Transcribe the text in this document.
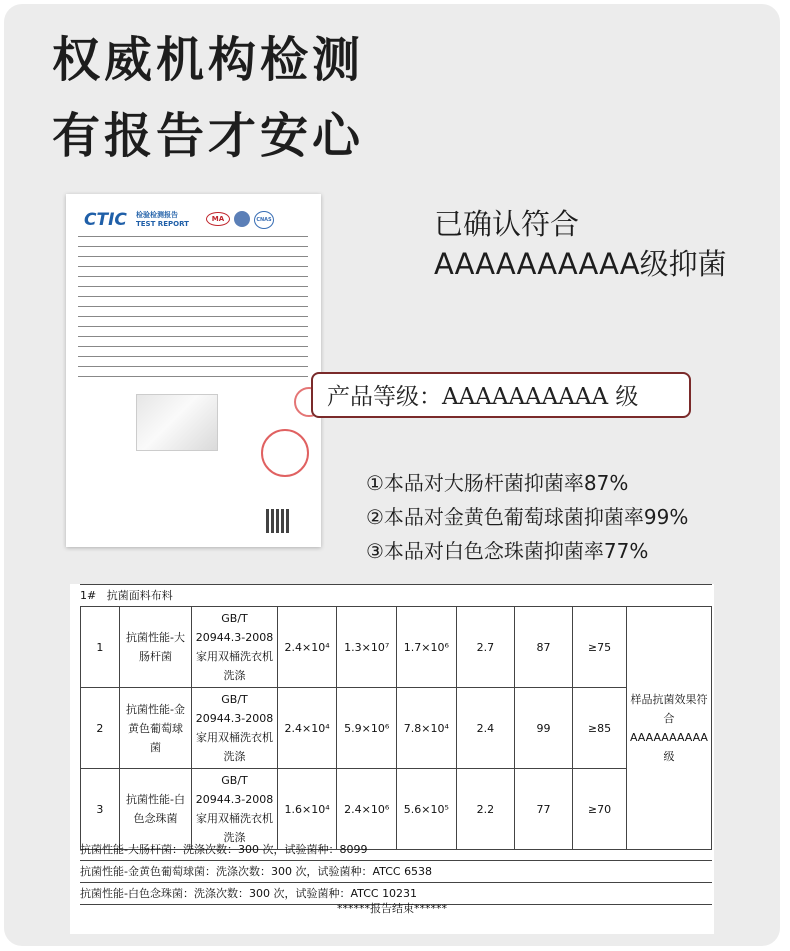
权威机构检测
有报告才安心
CTIC 检验检测报告
TEST REPORT
MA	CNAS	已确认符合
AAAAAAAAAA级抑菌
产品等级：AAAAAAAAAA 级
①本品对大肠杆菌抑菌率87%
②本品对金黄色葡萄球菌抑菌率99%
③本品对白色念珠菌抑菌率77%
1# 抗菌面料布料
1	抗菌性能-大肠杆菌	GB/T 20944.3-2008 家用双桶洗衣机洗涤	2.4×10⁴	1.3×10⁷	1.7×10⁶	2.7	87	≥75	样品抗菌效果符合AAAAAAAAAA 级
2	抗菌性能-金黄色葡萄球菌	GB/T 20944.3-2008 家用双桶洗衣机洗涤	2.4×10⁴	5.9×10⁶	7.8×10⁴	2.4	99	≥85	
3	抗菌性能-白色念珠菌	GB/T 20944.3-2008 家用双桶洗衣机洗涤	1.6×10⁴	2.4×10⁶	5.6×10⁵	2.2	77	≥70	
抗菌性能-大肠杆菌：洗涤次数：300 次，试验菌种：8099
抗菌性能-金黄色葡萄球菌：洗涤次数：300 次，试验菌种：ATCC 6538
抗菌性能-白色念珠菌：洗涤次数：300 次，试验菌种：ATCC 10231
******报告结束******
